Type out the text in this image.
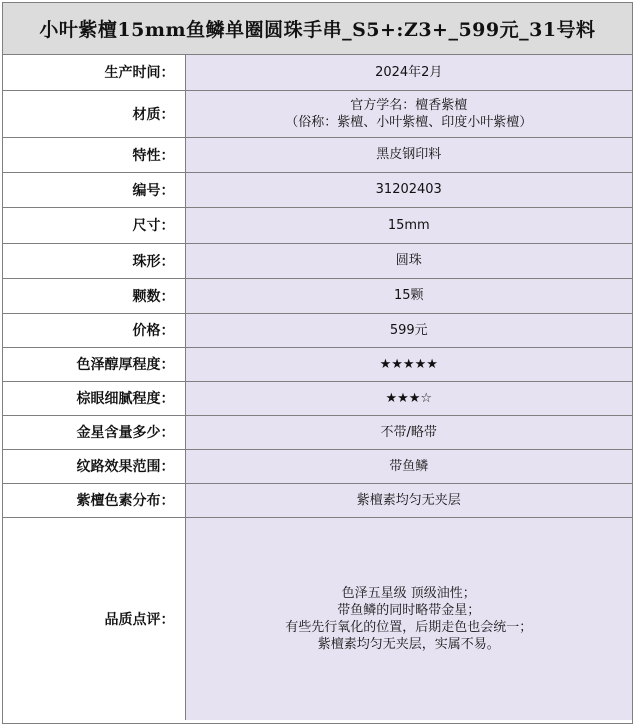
小叶紫檀15mm鱼鳞单圈圆珠手串_S5+:Z3+_599元_31号料
生产时间：	2024年2月

材质：	官方学名：檀香紫檀
（俗称：紫檀、小叶紫檀、印度小叶紫檀）

特性：	黑皮钢印料

编号：	31202403

尺寸：	15mm

珠形：	圆珠

颗数：	15颗

价格：	599元

色泽醇厚程度：	★★★★★

棕眼细腻程度：	★★★☆

金星含量多少：	不带/略带

纹路效果范围：	带鱼鳞

紫檀色素分布：	紫檀素均匀无夹层

品质点评：	色泽五星级 顶级油性；
带鱼鳞的同时略带金星；
有些先行氧化的位置，后期走色也会统一；
紫檀素均匀无夹层，实属不易。
